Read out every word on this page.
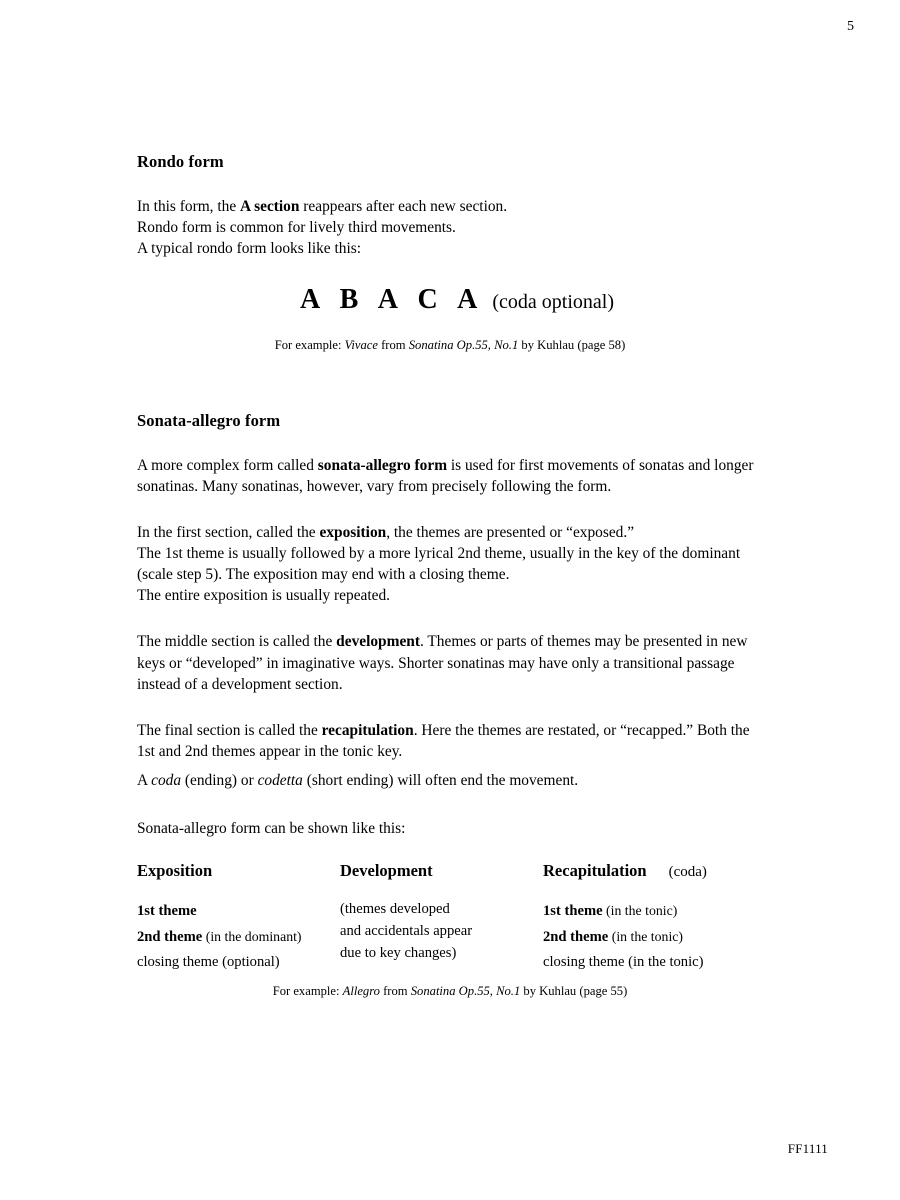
5
Rondo form

In this form, the A section reappears after each new section.
Rondo form is common for lively third movements.
A typical rondo form looks like this:

A B A C A (coda optional)

For example: Vivace from Sonatina Op.55, No.1 by Kuhlau (page 58)

Sonata-allegro form

A more complex form called sonata-allegro form is used for first movements of sonatas and longer sonatinas. Many sonatinas, however, vary from precisely following the form.

In the first section, called the exposition, the themes are presented or “exposed.”
The 1st theme is usually followed by a more lyrical 2nd theme, usually in the key of the dominant (scale step 5). The exposition may end with a closing theme.
The entire exposition is usually repeated.

The middle section is called the development. Themes or parts of themes may be presented in new keys or “developed” in imaginative ways. Shorter sonatinas may have only a transitional passage instead of a development section.

The final section is called the recapitulation. Here the themes are restated, or “recapped.” Both the 1st and 2nd themes appear in the tonic key.

A coda (ending) or codetta (short ending) will often end the movement.

Sonata-allegro form can be shown like this:

Exposition
1st theme
2nd theme (in the dominant)
closing theme (optional)
Development
(themes developed
and accidentals appear
due to key changes)
Recapitulation (coda)
1st theme (in the tonic)
2nd theme (in the tonic)
closing theme (in the tonic)

For example: Allegro from Sonatina Op.55, No.1 by Kuhlau (page 55)

FF1111
